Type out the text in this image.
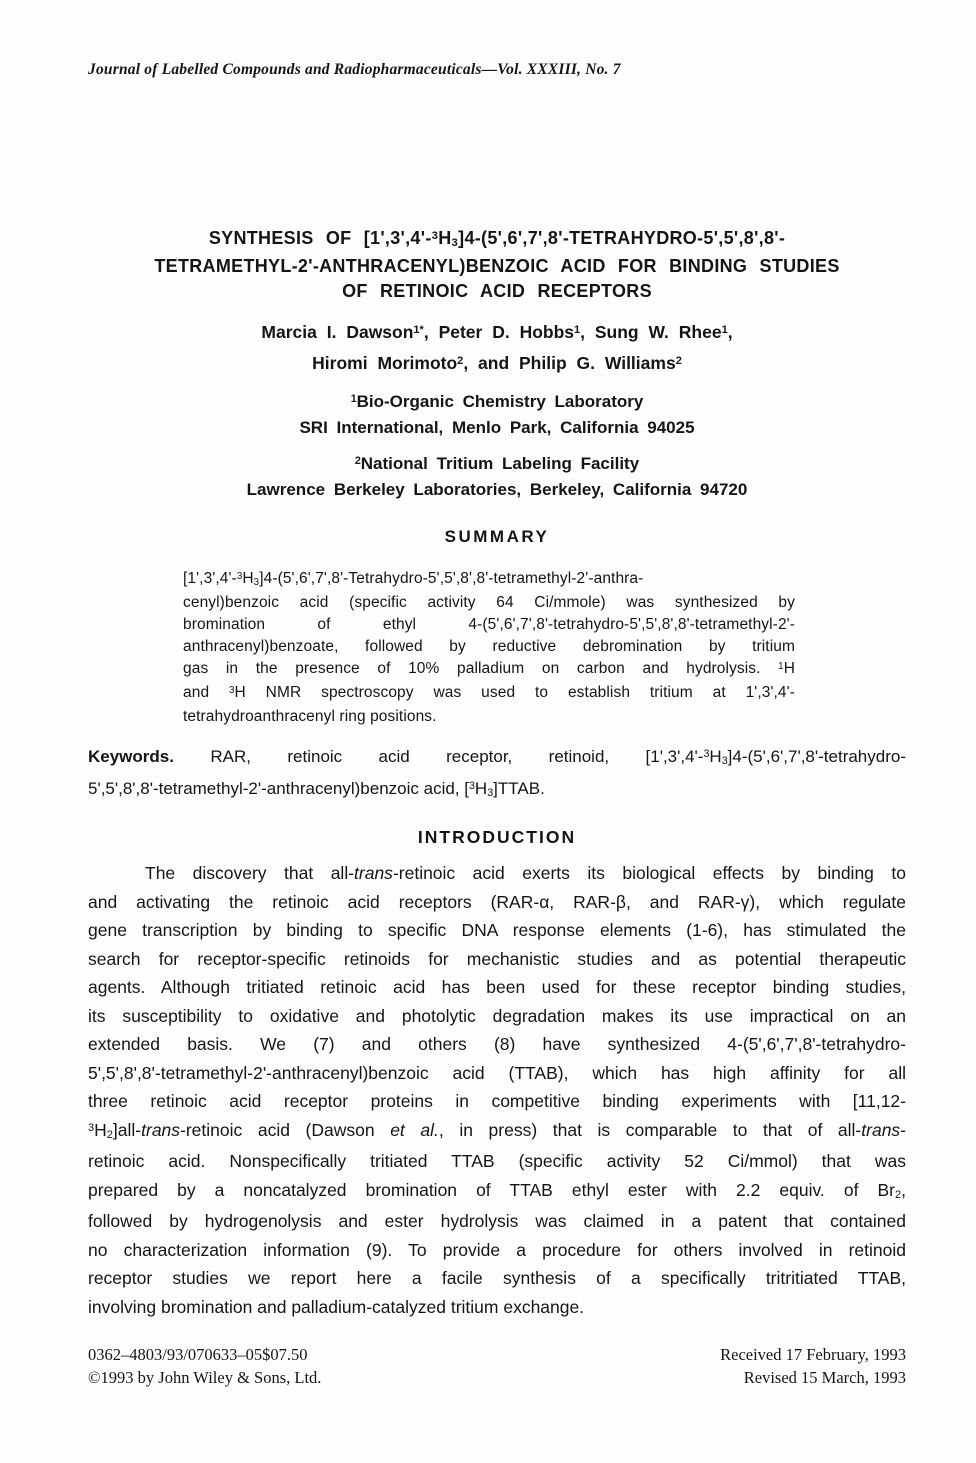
Journal of Labelled Compounds and Radiopharmaceuticals—Vol. XXXIII, No. 7
SYNTHESIS OF [1',3',4'-$^3$H3]4-(5',6',7',8'-TETRAHYDRO-5',5',8',8'-
TETRAMETHYL-2'-ANTHRACENYL)BENZOIC ACID FOR BINDING STUDIES
OF RETINOIC ACID RECEPTORS
Marcia I. Dawson$^{1*}$, Peter D. Hobbs$^1$, Sung W. Rhee$^1$,
Hiromi Morimoto$^2$, and Philip G. Williams$^2$
$^1$Bio-Organic Chemistry Laboratory
SRI International, Menlo Park, California 94025
$^2$National Tritium Labeling Facility
Lawrence Berkeley Laboratories, Berkeley, California 94720
SUMMARY
[1',3',4'-$^3$H3]4-(5',6',7',8'-Tetrahydro-5',5',8',8'-tetramethyl-2'-anthra-
cenyl)benzoic acid (specific activity 64 Ci/mmole) was synthesized by
bromination of ethyl 4-(5',6',7',8'-tetrahydro-5',5',8',8'-tetramethyl-2'-
anthracenyl)benzoate, followed by reductive debromination by tritium
gas in the presence of 10% palladium on carbon and hydrolysis. $^1$H
and $^3$H NMR spectroscopy was used to establish tritium at 1',3',4'-
tetrahydroanthracenyl ring positions.
Keywords. RAR, retinoic acid receptor, retinoid, [1',3',4'-$^3$H3]4-(5',6',7',8'-tetrahydro-
5',5',8',8'-tetramethyl-2'-anthracenyl)benzoic acid, [$^3$H3]TTAB.
INTRODUCTION
The discovery that all-trans-retinoic acid exerts its biological effects by binding to
and activating the retinoic acid receptors (RAR-α, RAR-β, and RAR-γ), which regulate
gene transcription by binding to specific DNA response elements (1-6), has stimulated the
search for receptor-specific retinoids for mechanistic studies and as potential therapeutic
agents. Although tritiated retinoic acid has been used for these receptor binding studies,
its susceptibility to oxidative and photolytic degradation makes its use impractical on an
extended basis. We (7) and others (8) have synthesized 4-(5',6',7',8'-tetrahydro-
5',5',8',8'-tetramethyl-2'-anthracenyl)benzoic acid (TTAB), which has high affinity for all
three retinoic acid receptor proteins in competitive binding experiments with [11,12-
$^3$H2]all-trans-retinoic acid (Dawson et al., in press) that is comparable to that of all-trans-
retinoic acid. Nonspecifically tritiated TTAB (specific activity 52 Ci/mmol) that was
prepared by a noncatalyzed bromination of TTAB ethyl ester with 2.2 equiv. of Br2,
followed by hydrogenolysis and ester hydrolysis was claimed in a patent that contained
no characterization information (9). To provide a procedure for others involved in retinoid
receptor studies we report here a facile synthesis of a specifically tritritiated TTAB,
involving bromination and palladium-catalyzed tritium exchange.
0362–4803/93/070633–05$07.50
©1993 by John Wiley & Sons, Ltd.
Received 17 February, 1993
Revised 15 March, 1993
